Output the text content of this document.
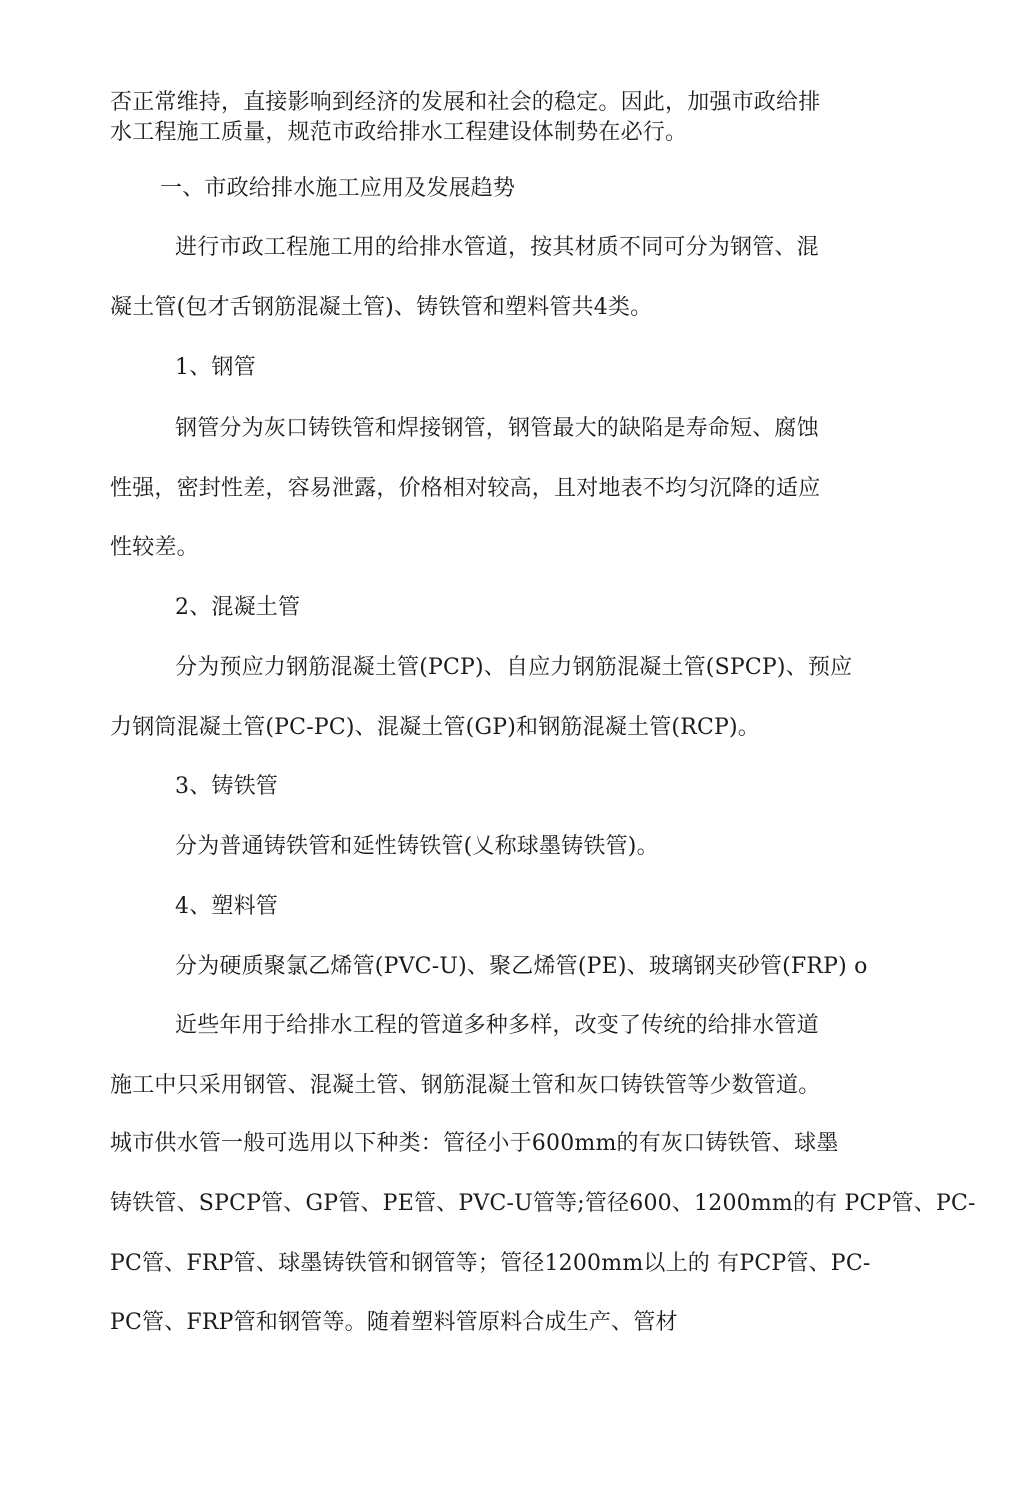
否正常维持，直接影响到经济的发展和社会的稳定。因此，加强市政给排
水工程施工质量，规范市政给排水工程建设体制势在必行。
一、市政给排水施工应用及发展趋势
进行市政工程施工用的给排水管道，按其材质不同可分为钢管、混
凝土管(包才舌钢筋混凝土管)、铸铁管和塑料管共4类。
1、钢管
钢管分为灰口铸铁管和焊接钢管，钢管最大的缺陷是寿命短、腐蚀
性强，密封性差，容易泄露，价格相对较高，且对地表不均匀沉降的适应
性较差。
2、混凝土管
分为预应力钢筋混凝土管(PCP)、自应力钢筋混凝土管(SPCP)、预应
力钢筒混凝土管(PC-PC)、混凝土管(GP)和钢筋混凝土管(RCP)。
3、铸铁管
分为普通铸铁管和延性铸铁管(乂称球墨铸铁管)。
4、塑料管
分为硬质聚氯乙烯管(PVC-U)、聚乙烯管(PE)、玻璃钢夹砂管(FRP) o
近些年用于给排水工程的管道多种多样，改变了传统的给排水管道
施工中只采用钢管、混凝土管、钢筋混凝土管和灰口铸铁管等少数管道。
城市供水管一般可选用以下种类：管径小于600mm的有灰口铸铁管、球墨
铸铁管、SPCP管、GP管、PE管、PVC-U管等;管径600、1200mm的有 PCP管、PC-
PC管、FRP管、球墨铸铁管和钢管等；管径1200mm以上的 有PCP管、PC-
PC管、FRP管和钢管等。随着塑料管原料合成生产、管材
